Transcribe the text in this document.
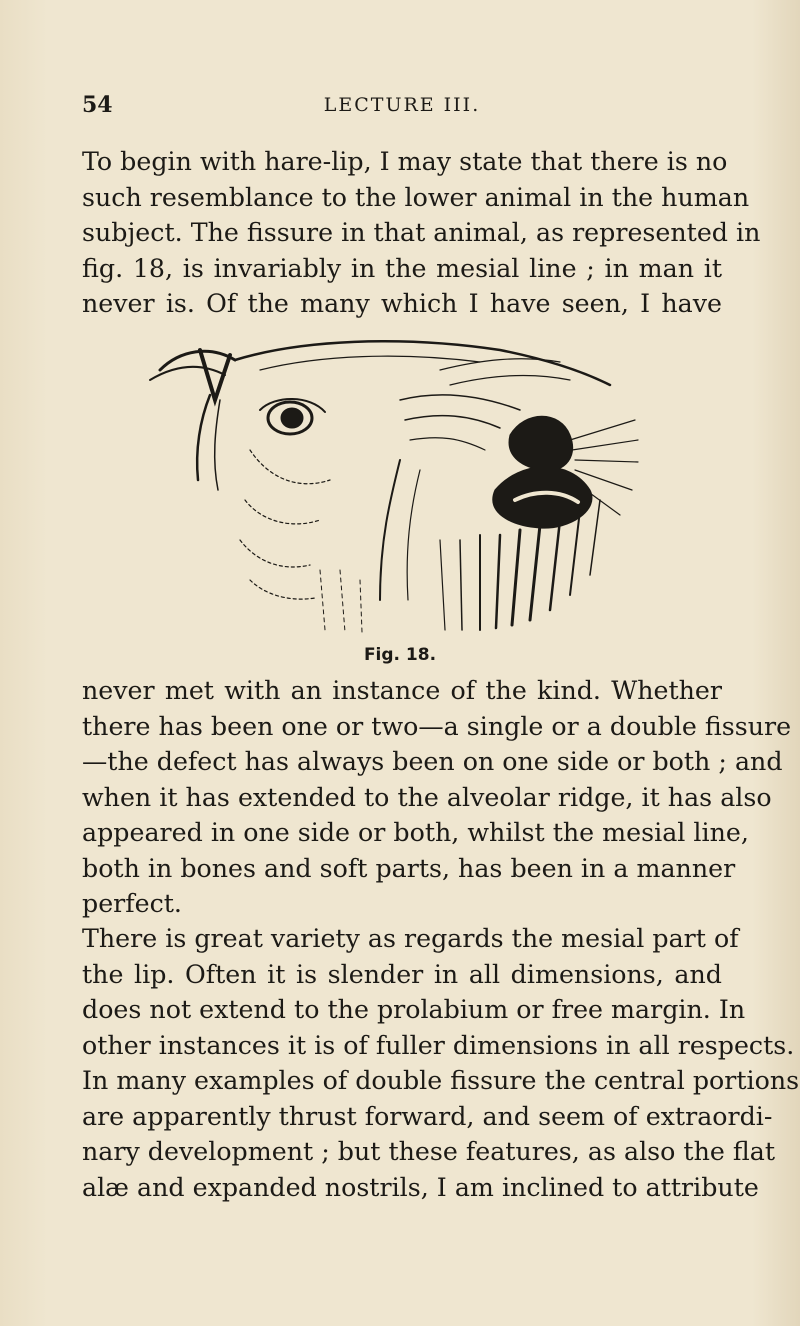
54	LECTURE III.
To begin with hare-lip, I may state that there is no
such resemblance to the lower animal in the human
subject. The fissure in that animal, as represented in
fig. 18, is invariably in the mesial line ; in man it
never is. Of the many which I have seen, I have
Fig. 18.
never met with an instance of the kind. Whether
there has been one or two—a single or a double fissure
—the defect has always been on one side or both ; and
when it has extended to the alveolar ridge, it has also
appeared in one side or both, whilst the mesial line,
both in bones and soft parts, has been in a manner
perfect.
There is great variety as regards the mesial part of
the lip. Often it is slender in all dimensions, and
does not extend to the prolabium or free margin. In
other instances it is of fuller dimensions in all respects.
In many examples of double fissure the central portions
are apparently thrust forward, and seem of extraordi-
nary development ; but these features, as also the flat
alæ and expanded nostrils, I am inclined to attribute
